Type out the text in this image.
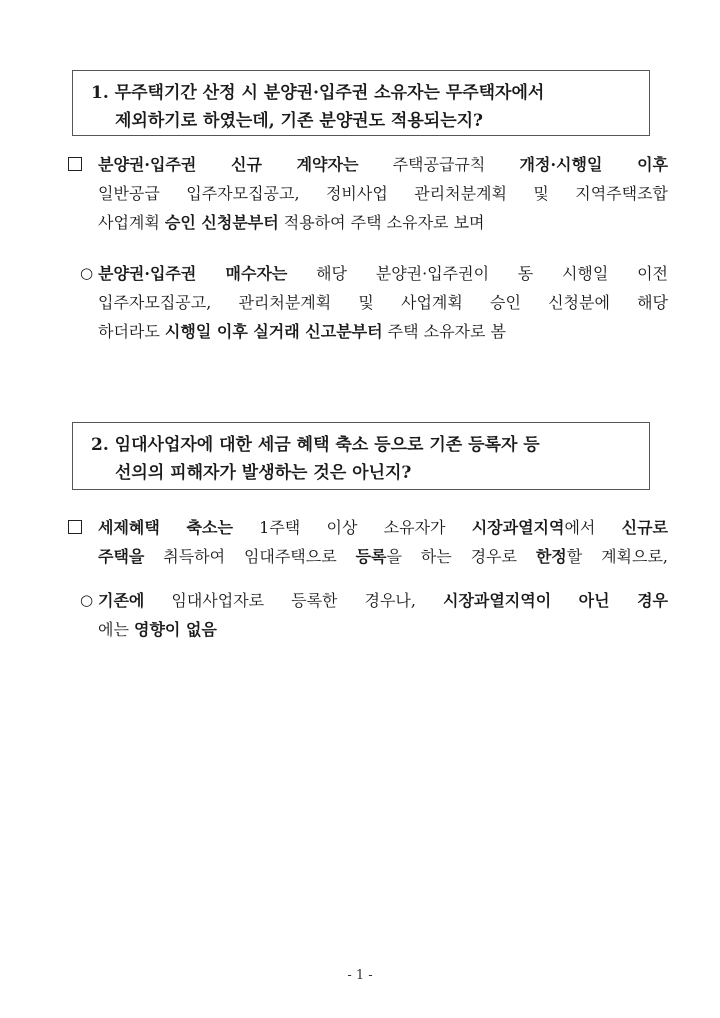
1. 무주택기간 산정 시 분양권·입주권 소유자는 무주택자에서
제외하기로 하였는데, 기존 분양권도 적용되는지?
분양권·입주권 신규 계약자는 주택공급규칙 개정·시행일 이후
일반공급 입주자모집공고, 정비사업 관리처분계획 및 지역주택조합
사업계획 승인 신청분부터 적용하여 주택 소유자로 보며
○ 분양권·입주권 매수자는 해당 분양권·입주권이 동 시행일 이전
입주자모집공고, 관리처분계획 및 사업계획 승인 신청분에 해당
하더라도 시행일 이후 실거래 신고분부터 주택 소유자로 봄
2. 임대사업자에 대한 세금 혜택 축소 등으로 기존 등록자 등
선의의 피해자가 발생하는 것은 아닌지?
세제혜택 축소는 1주택 이상 소유자가 시장과열지역에서 신규로
주택을 취득하여 임대주택으로 등록을 하는 경우로 한정할 계획으로,
○ 기존에 임대사업자로 등록한 경우나, 시장과열지역이 아닌 경우
에는 영향이 없음
- 1 -
